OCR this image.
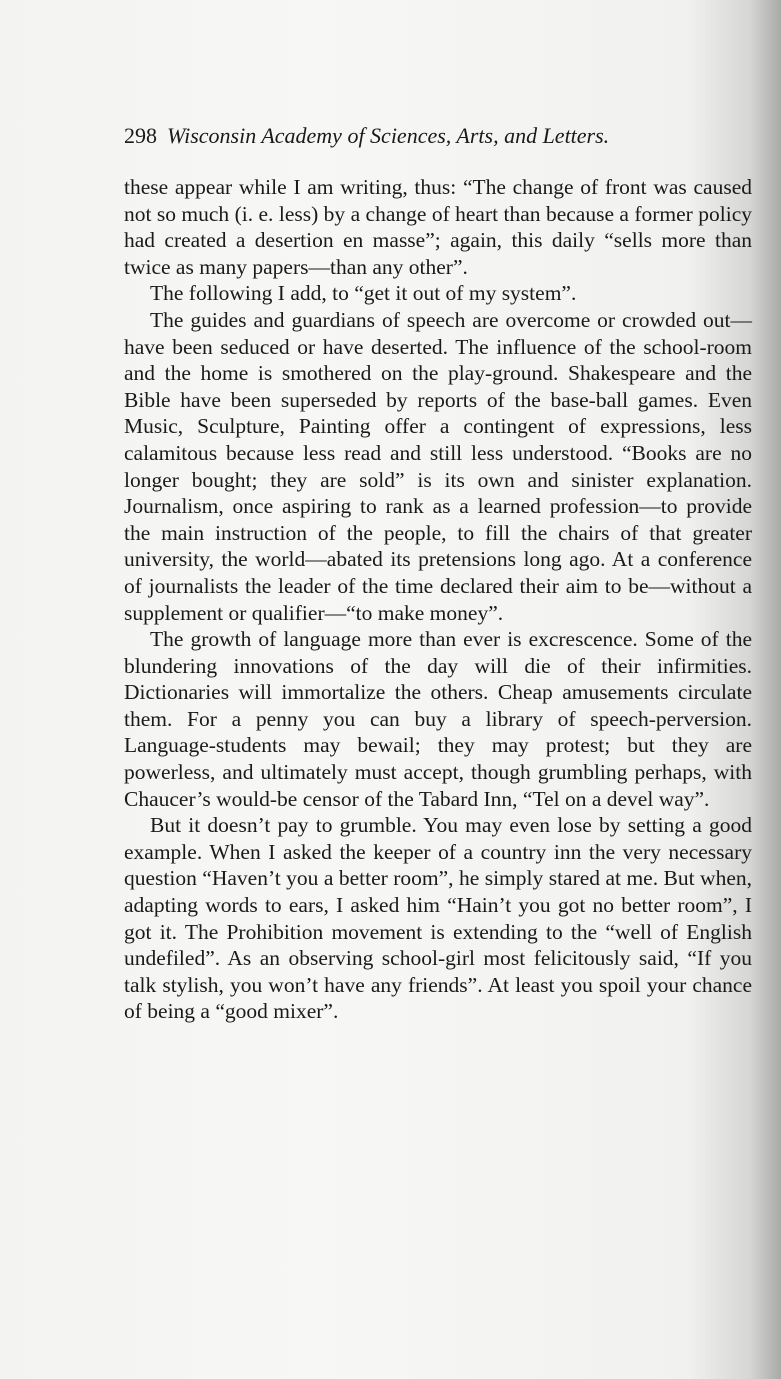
298 Wisconsin Academy of Sciences, Arts, and Letters.

these appear while I am writing, thus: “The change of front was caused not so much (i. e. less) by a change of heart than because a former policy had created a desertion en masse”; again, this daily “sells more than twice as many papers—than any other”.

The following I add, to “get it out of my system”.

The guides and guardians of speech are overcome or crowded out—have been seduced or have deserted. The influence of the school-room and the home is smothered on the play-ground. Shakespeare and the Bible have been superseded by reports of the base-ball games. Even Music, Sculpture, Painting offer a contingent of expressions, less calamitous because less read and still less understood. “Books are no longer bought; they are sold” is its own and sinister explanation. Journalism, once aspiring to rank as a learned profession—to provide the main instruction of the people, to fill the chairs of that greater university, the world—abated its pretensions long ago. At a conference of journalists the leader of the time declared their aim to be—without a supplement or qualifier—“to make money”.

The growth of language more than ever is excrescence. Some of the blundering innovations of the day will die of their infirmities. Dictionaries will immortalize the others. Cheap amusements circulate them. For a penny you can buy a library of speech-perversion. Language-students may bewail; they may protest; but they are powerless, and ultimately must accept, though grumbling perhaps, with Chaucer’s would-be censor of the Tabard Inn, “Tel on a devel way”.

But it doesn’t pay to grumble. You may even lose by setting a good example. When I asked the keeper of a country inn the very necessary question “Haven’t you a better room”, he simply stared at me. But when, adapting words to ears, I asked him “Hain’t you got no better room”, I got it. The Prohibition movement is extending to the “well of English undefiled”. As an observing school-girl most felicitously said, “If you talk stylish, you won’t have any friends”. At least you spoil your chance of being a “good mixer”.
